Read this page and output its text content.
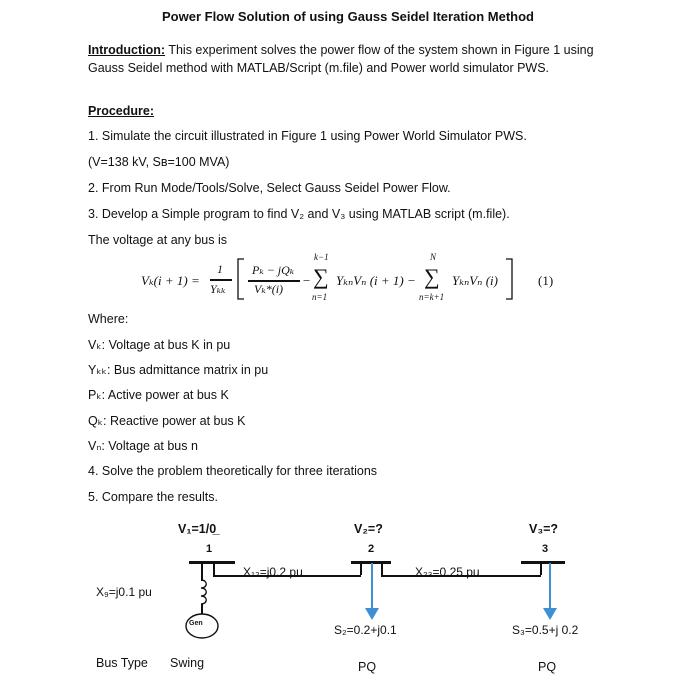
Power Flow Solution of using Gauss Seidel Iteration Method
Introduction: This experiment solves the power flow of the system shown in Figure 1 using Gauss Seidel method with MATLAB/Script (m.file) and Power world simulator PWS.
Procedure:
1. Simulate the circuit illustrated in Figure 1 using Power World Simulator PWS.
(V=138 kV, Sʙ=100 MVA)
2. From Run Mode/Tools/Solve, Select Gauss Seidel Power Flow.
3. Develop a Simple program to find V₂ and V₃ using MATLAB script (m.file).
The voltage at any bus is
Vₖ(i + 1) =
1
Yₖₖ
Pₖ − jQₖ
Vₖ*(i)
−
k−1
∑
n=1
YₖₙVₙ (i + 1) −
N
∑
n=k+1
YₖₙVₙ (i)	(1)
Where:
Vₖ: Voltage at bus K in pu
Yₖₖ: Bus admittance matrix in pu
Pₖ: Active power at bus K
Qₖ: Reactive power at bus K
Vₙ: Voltage at bus n
4. Solve the problem theoretically for three iterations
5. Compare the results.
V₁=1/0̲
1
V₂=?
2
V₃=?
3
X₁₂=j0.2 pu	X₂₃=0.25 pu
X₉=j0.1 pu
Gen	S₂=0.2+j0.1	S₃=0.5+j 0.2
Bus Type Swing	PQ	PQ
